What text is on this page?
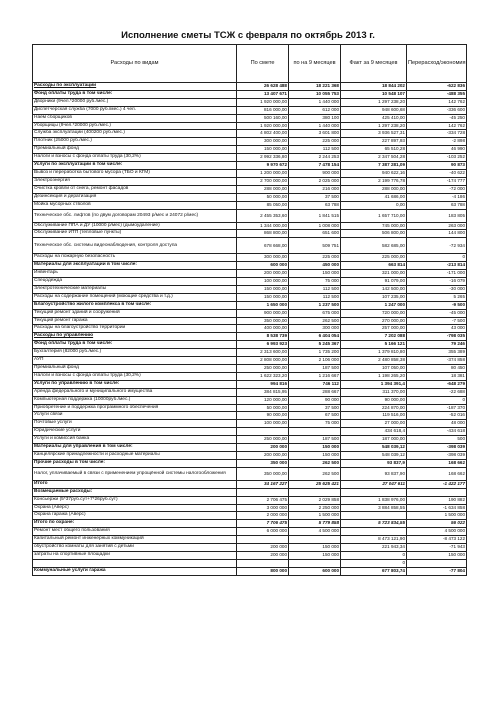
Исполнение сметы ТСЖ с февраля по октябрь 2013 г.
Расходы по видам	По смете	по на 9 месяцев	Факт за 9 месяцев	Перерасход/экономия
Расходы по эксплуатации	26 628 488	18 221 368	18 844 202	-622 836
Фонд оплаты труда в том числе:	13 407 671	10 055 753	10 548 107	-488 355
Дворники (9чел.*20000 руб./мес.)	1 920 000,00	1 440 000	1 297 238,20	142 762
Диспетчерская служба (7000 руб./мес.) 4 чел.	816 000,00	612 000	948 600,68	-336 600
Наем сборщиков	500 160,00	380 100	425 410,00	-45 250
Уборщицы (9чел.*20000 руб./мес.)	1 920 000,00	1 440 000	1 297 238,20	142 762
Служба эксплуатации (400200 руб./мес.)	4 802 400,00	3 601 800	3 936 527,31	-334 728
Плотник (25000 руб./мес.)	300 000,00	225 000	227 897,93	-2 898
Премиальный фонд	150 000,00	112 500	65 510,28	46 990
Налоги и взносы с фонда оплаты труда (30,2%)	2 992 336,80	2 244 253	2 347 504,28	-103 252
Услуги по эксплуатации в том числе:	9 970 672	7 478 154	7 387 281,09	90 873
Вывоз и переработка бытового мусора (ТБО и КГМ)	1 200 000,00	900 000	940 622,16	-40 622
Электроэнергия	2 700 000,00	2 025 000	2 199 776,78	-174 777
Очистка кровли от снега, ремонт фасадов	288 000,00	216 000	288 000,00	-72 000
Дезинсекция и дератизация	50 000,00	37 500	41 686,00	-4 186
Мойка мусорных стволов	85 050,00	63 788	0,00	63 788
Техническое обс. лифтов (по двум договорам 20493 р/мес и 24072 р/мес)	2 455 353,60	1 841 515	1 657 710,00	183 805
Обслуживание ППА и ДУ (10000 р/мес) (дымоудаление)	1 344 000,00	1 008 000	745 000,00	263 000
Обслуживание ИТП (тепловые пункты)	868 800,00	651 600	506 800,00	144 800
Техническое обс. системы видеонаблюдения, контроля доступа	678 668,00	509 751	582 685,00	-72 934
Расходы на пожарную безопасность	300 000,00	225 000	225 000,00	0
Материалы для эксплуатации в том числе:	600 000	450 000	663 814	-213 814
Инвентарь	200 000,00	150 000	321 000,00	-171 000
Спецодежда	100 000,00	75 000	91 079,00	-16 079
Электротехнические материалы	150 000,00	112 500	142 500,00	-30 000
Расходы на содержание помещений (моющие средства и т.д.)	150 000,00	112 500	107 235,00	5 265
Благоустройство жилого комплекса в том числе:	1 650 000	1 237 500	1 247 000	-9 500
Текущий ремонт зданий и сооружений	900 000,00	675 000	720 000,00	-45 000
Текущий ремонт гаража	350 000,00	262 500	270 000,00	-7 500
Расходы на благоустройство территории	400 000,00	300 000	257 000,00	43 000
Расходы по управлению	8 538 739	6 404 054	7 202 088	-798 035
Фонд оплаты труда в том числе:	6 993 923	5 245 367	5 166 121	79 246
Бухгалтерия (82000 руб./мес.)	2 313 600,00	1 735 200	1 379 810,80	355 389
АУП	2 808 000,00	2 106 000	2 480 858,38	-374 858
Премиальный фонд	250 000,00	187 500	107 050,00	80 450
Налоги и взносы с фонда оплаты труда (30,2%)	1 622 323,20	1 216 667	1 198 265,20	18 381
Услуги по управлению в том числе:	994 816	746 112	1 394 391,4	-648 279
Аренда федерального и муниципального имущества	384 815,95	288 667	311 370,00	-22 688
Компьютерная поддержка (10000руб./мес.)	120 000,00	90 000	90 000,00	0
Приобретение и поддержка программного обеспечения	50 000,00	37 500	224 870,00	-187 370
Услуги связи	90 000,00	67 500	119 516,00	-52 016
Почтовые услуги	100 000,00	75 000	27 000,00	48 000
Юридические услуги			434 618,4	-434 618
Услуги и комиссия банка	250 000,00	187 500	187 000,00	500
Материалы для управления в том числе:	200 000	150 000	548 039,12	-398 039
Канцелярские принадлежности и расходные материалы	200 000,00	150 000	548 039,12	-398 039
Прочие расходы в том числе:	350 000	262 500	93 837,9	168 662
Налог, уплачиваемый в связи с применением упрощённой системы налогообложения	350 000,00	262 500	93 837,90	168 662
Итого	34 167 227	25 625 421	27 047 611	-1 422 177
Возмещаемые расходы:				
Консьержи (5*37руб.сут+7*26руб.сут)	2 706 475	2 029 858	1 838 976,00	190 882
Охрана (Аверс)	3 000 000	2 250 000	3 884 858,55	-1 634 858
Охрана гаража (Аверс)	2 000 000	1 500 000		1 500 000
Итого по охране:	7 706 475	5 779 858	5 723 834,55	56 022
Ремонт мест общего пользования	6 000 000	4 500 000		4 500 000
Капитальный ремонт инженерных коммуникаций			8 473 121,90	-8 473 122
обустройство комнаты для занятий с детьми	200 000	150 000	221 943,34	-71 943
затраты на спортивные площадки	200 000	150 000	0	150 000
			0	
Коммунальные услуги гаража	800 000	600 000	677 803,74	-77 804
